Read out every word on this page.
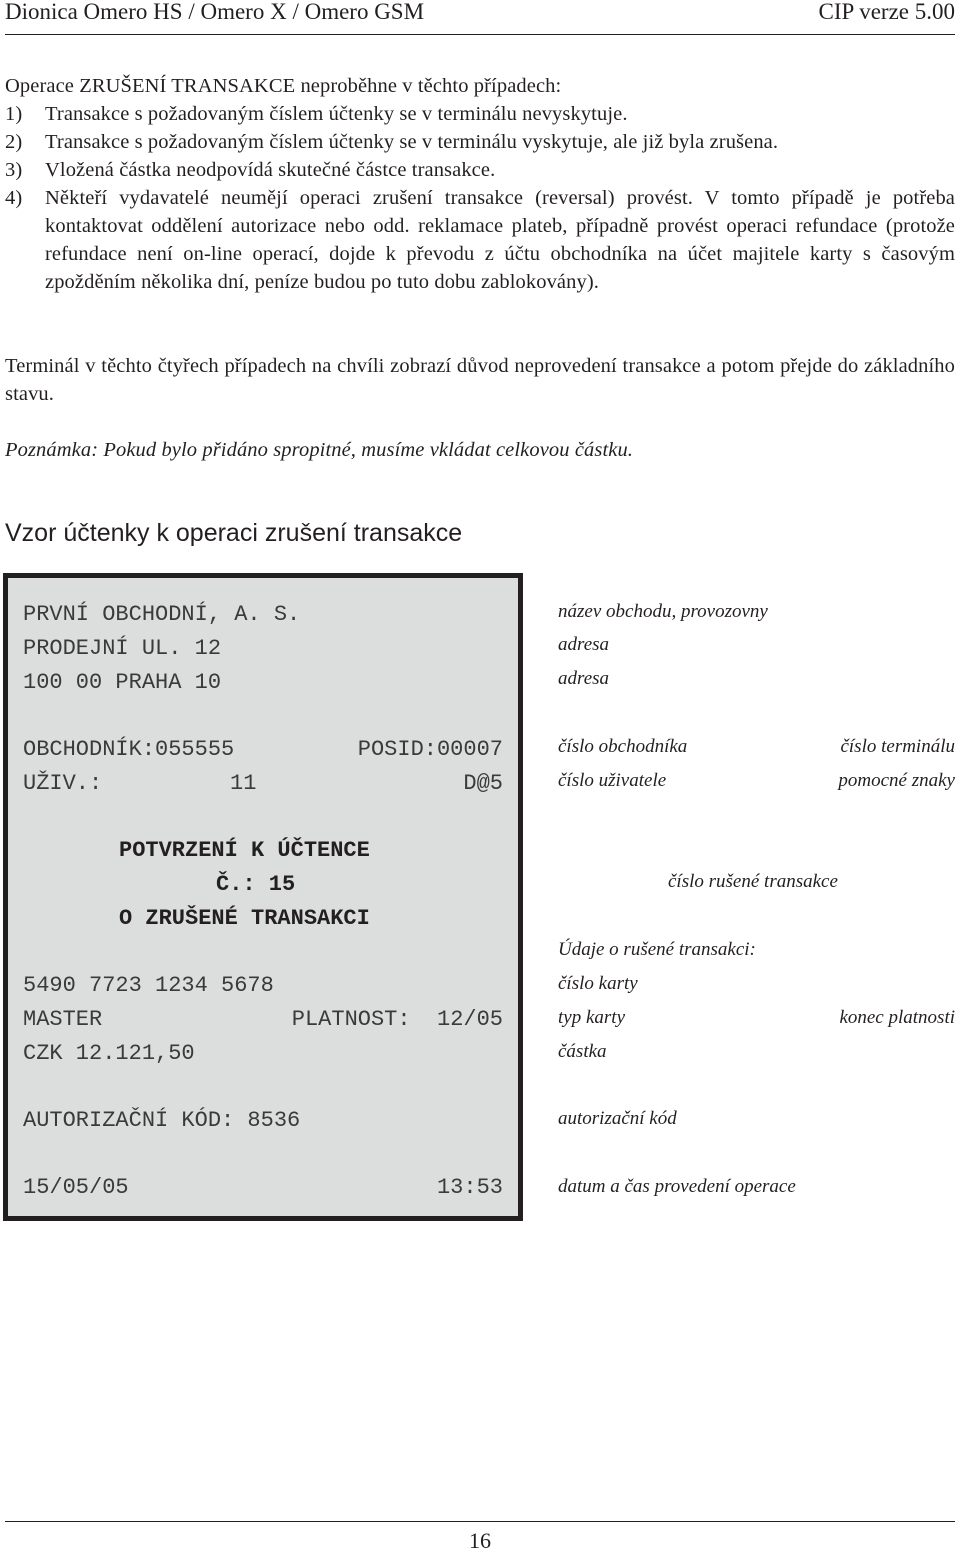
Dionica Omero HS / Omero X / Omero GSM	CIP verze 5.00
Operace ZRUŠENÍ TRANSAKCE neproběhne v těchto případech:
1) Transakce s požadovaným číslem účtenky se v terminálu nevyskytuje.
2) Transakce s požadovaným číslem účtenky se v terminálu vyskytuje, ale již byla zrušena.
3) Vložená částka neodpovídá skutečné částce transakce.
4) Někteří vydavatelé neumějí operaci zrušení transakce (reversal) provést. V tomto případě je potřeba kontaktovat oddělení autorizace nebo odd. reklamace plateb, případně provést operaci refundace (protože refundace není on-line operací, dojde k převodu z účtu obchodníka na účet majitele karty s časovým zpožděním několika dní, peníze budou po tuto dobu zablokovány).
Terminál v těchto čtyřech případech na chvíli zobrazí důvod neprovedení transakce a potom přejde do základního stavu.
Poznámka: Pokud bylo přidáno spropitné, musíme vkládat celkovou částku.
Vzor účtenky k operaci zrušení transakce
PRVNÍ OBCHODNÍ, A. S.
PRODEJNÍ UL. 12
100 00 PRAHA 10
OBCHODNÍK:055555	POSID:00007
UŽIV.:	11	D@5
POTVRZENÍ K ÚČTENCE
Č.: 15
O ZRUŠENÉ TRANSAKCI
5490 7723 1234 5678
MASTER	PLATNOST:  12/05
CZK 12.121,50
AUTORIZAČNÍ KÓD: 8536
15/05/05	13:53
název obchodu, provozovny
adresa
adresa
číslo obchodníka	číslo terminálu
číslo uživatele	pomocné znaky
číslo rušené transakce
Údaje o rušené transakci:
číslo karty
typ karty	konec platnosti
částka
autorizační kód
datum a čas provedení operace
16
